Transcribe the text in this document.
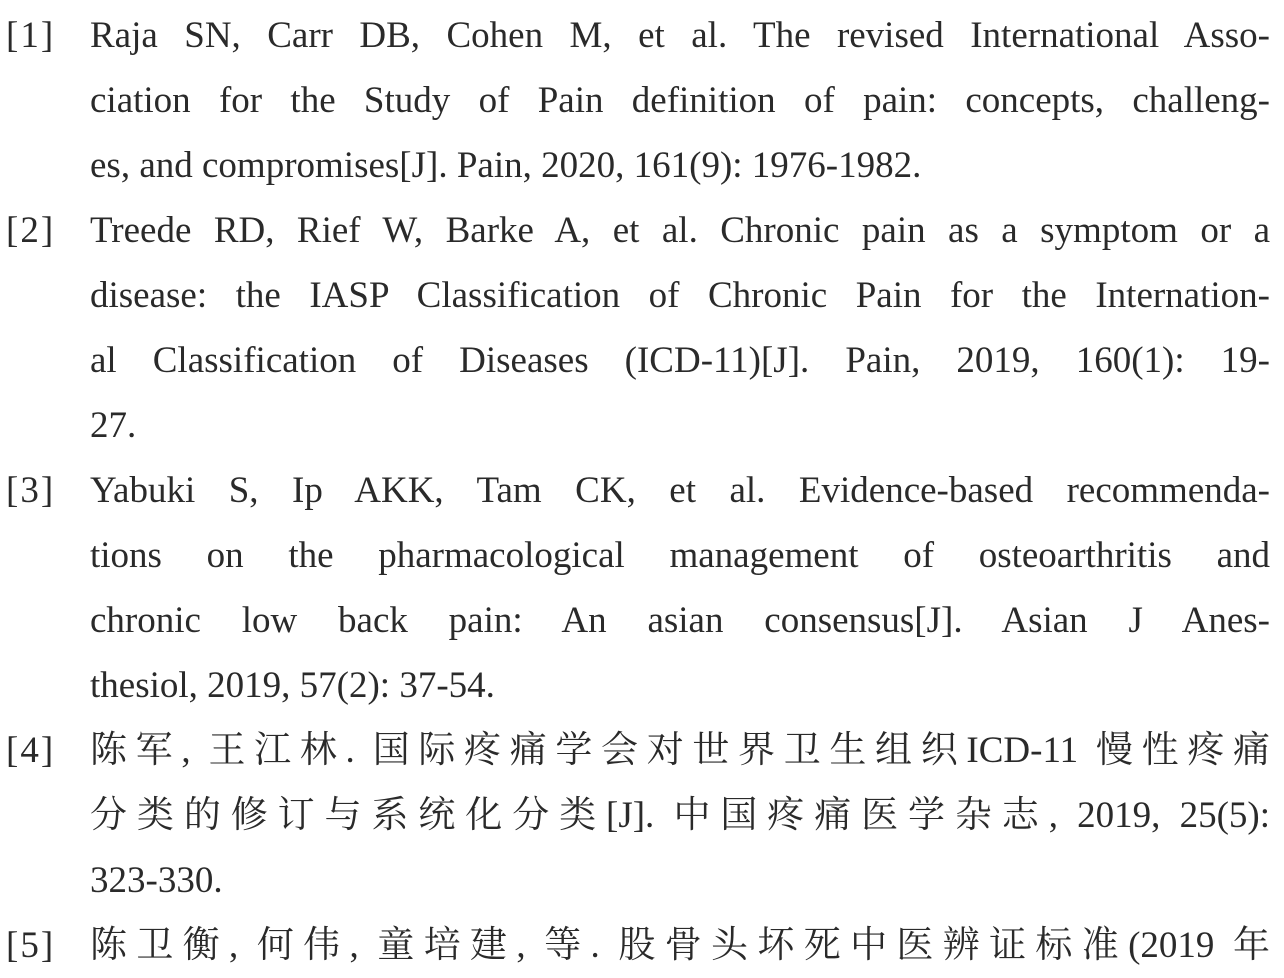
[1] Raja SN, Carr DB, Cohen M, et al. The revised International Asso-
ciation for the Study of Pain definition of pain: concepts, challeng-
es, and compromises[J]. Pain, 2020, 161(9): 1976-1982.
[2] Treede RD, Rief W, Barke A, et al. Chronic pain as a symptom or a
disease: the IASP Classification of Chronic Pain for the Internation-
al Classification of Diseases (ICD-11)[J]. Pain, 2019, 160(1): 19-
27.
[3] Yabuki S, Ip AKK, Tam CK, et al. Evidence-based recommenda-
tions on the pharmacological management of osteoarthritis and
chronic low back pain: An asian consensus[J]. Asian J Anes-
thesiol, 2019, 57(2): 37-54.
[4] 陈军, 王江林. 国际疼痛学会对世界卫生组织ICD-11 慢性疼痛
分类的修订与系统化分类[J]. 中国疼痛医学杂志, 2019, 25(5):
323-330.
[5] 陈卫衡, 何伟, 童培建, 等. 股骨头坏死中医辨证标准(2019 年
